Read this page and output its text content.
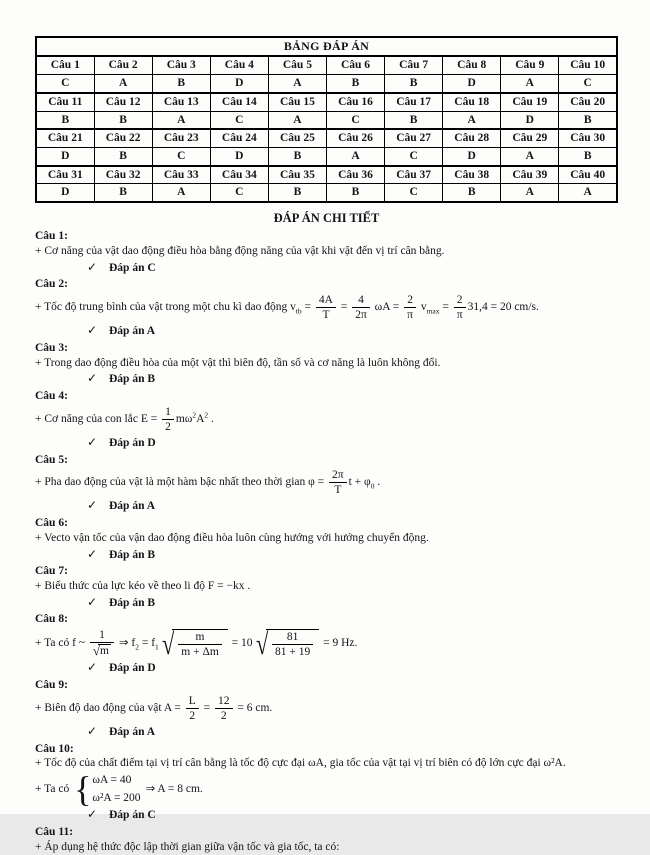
BẢNG ĐÁP ÁN									
Câu 1	Câu 2	Câu 3	Câu 4	Câu 5	Câu 6	Câu 7	Câu 8	Câu 9	Câu 10
C	A	B	D	A	B	B	D	A	C
Câu 11	Câu 12	Câu 13	Câu 14	Câu 15	Câu 16	Câu 17	Câu 18	Câu 19	Câu 20
B	B	A	C	A	C	B	A	D	B
Câu 21	Câu 22	Câu 23	Câu 24	Câu 25	Câu 26	Câu 27	Câu 28	Câu 29	Câu 30
D	B	C	D	B	A	C	D	A	B
Câu 31	Câu 32	Câu 33	Câu 34	Câu 35	Câu 36	Câu 37	Câu 38	Câu 39	Câu 40
D	B	A	C	B	B	C	B	A	A
ĐÁP ÁN CHI TIẾT
Câu 1:
+ Cơ năng của vật dao động điều hòa bằng động năng của vật khi vật đến vị trí cân bằng.
✓ Đáp án C
Câu 2:
+ Tốc độ trung bình của vật trong một chu kì dao động $v_{tb} = \frac{4A}{T} = \frac{4}{2\pi}$ $\omega A = \frac{2}{\pi} v_{max} = \frac{2}{\pi} 31,4 = 20$ cm/s.
✓ Đáp án A
Câu 3:
+ Trong dao động điều hòa của một vật thì biên độ, tần số và cơ năng là luôn không đổi.
✓ Đáp án B
Câu 4:
+ Cơ năng của con lắc $E = \frac{1}{2} m\omega^2A^2$ .
✓ Đáp án D
Câu 5:
+ Pha dao động của vật là một hàm bậc nhất theo thời gian $\varphi = \frac{2\pi}{T}$ $t + \varphi_0$ .
✓ Đáp án A
Câu 6:
+ Vecto vận tốc của vận dao động điều hòa luôn cùng hướng với hướng chuyển động.
✓ Đáp án B
Câu 7:
+ Biểu thức của lực kéo về theo li độ F = −kx .
✓ Đáp án B
Câu 8:
+ Ta có f ~ $\frac{1}{√ m}$ ⇒ $f_2 = f_1$ √ $\frac{m}{m + \Delta m} = 10$ √ $\frac{81}{81 + 19} = 9$ Hz.
✓ Đáp án D
Câu 9:
+ Biên độ dao động của vật $A = \frac{L}{2} = \frac{12}{2} = 6$ cm.
✓ Đáp án A
Câu 10:
+ Tốc độ của chất điểm tại vị trí cân bằng là tốc độ cực đại ωA, gia tốc của vật tại vị trí biên có độ lớn cực đại ω²A.
+ Ta có { ωA = 40
ω²A = 200
⇒ A = 8 cm.
✓ Đáp án C
Câu 11:
+ Áp dụng hệ thức độc lập thời gian giữa vận tốc và gia tốc, ta có:
